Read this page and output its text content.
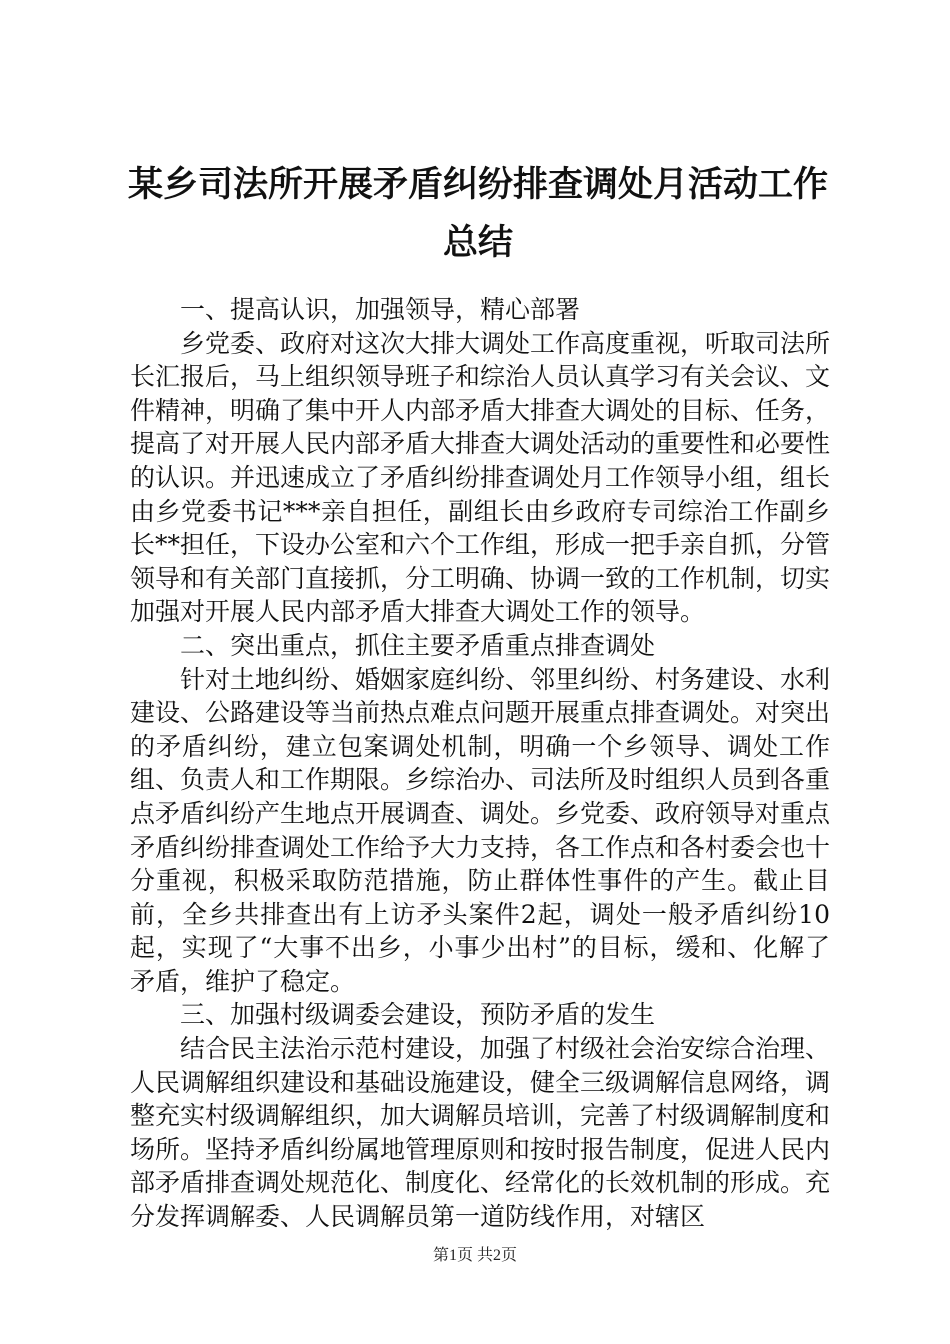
某乡司法所开展矛盾纠纷排查调处月活动工作
总结

一、提高认识，加强领导，精心部署

乡党委、政府对这次大排大调处工作高度重视，听取司法所长汇报后，马上组织领导班子和综治人员认真学习有关会议、文件精神，明确了集中开人内部矛盾大排查大调处的目标、任务，提高了对开展人民内部矛盾大排查大调处活动的重要性和必要性的认识。并迅速成立了矛盾纠纷排查调处月工作领导小组，组长由乡党委书记***亲自担任，副组长由乡政府专司综治工作副乡长**担任，下设办公室和六个工作组，形成一把手亲自抓，分管领导和有关部门直接抓，分工明确、协调一致的工作机制，切实加强对开展人民内部矛盾大排查大调处工作的领导。

二、突出重点，抓住主要矛盾重点排查调处

针对土地纠纷、婚姻家庭纠纷、邻里纠纷、村务建设、水利建设、公路建设等当前热点难点问题开展重点排查调处。对突出的矛盾纠纷，建立包案调处机制，明确一个乡领导、调处工作组、负责人和工作期限。乡综治办、司法所及时组织人员到各重点矛盾纠纷产生地点开展调查、调处。乡党委、政府领导对重点矛盾纠纷排查调处工作给予大力支持，各工作点和各村委会也十分重视，积极采取防范措施，防止群体性事件的产生。截止目前，全乡共排查出有上访矛头案件2起，调处一般矛盾纠纷10起，实现了“大事不出乡，小事少出村”的目标，缓和、化解了矛盾，维护了稳定。

三、加强村级调委会建设，预防矛盾的发生

结合民主法治示范村建设，加强了村级社会治安综合治理、人民调解组织建设和基础设施建设，健全三级调解信息网络，调整充实村级调解组织，加大调解员培训，完善了村级调解制度和场所。坚持矛盾纠纷属地管理原则和按时报告制度，促进人民内部矛盾排查调处规范化、制度化、经常化的长效机制的形成。充分发挥调解委、人民调解员第一道防线作用，对辖区

第1页 共2页
